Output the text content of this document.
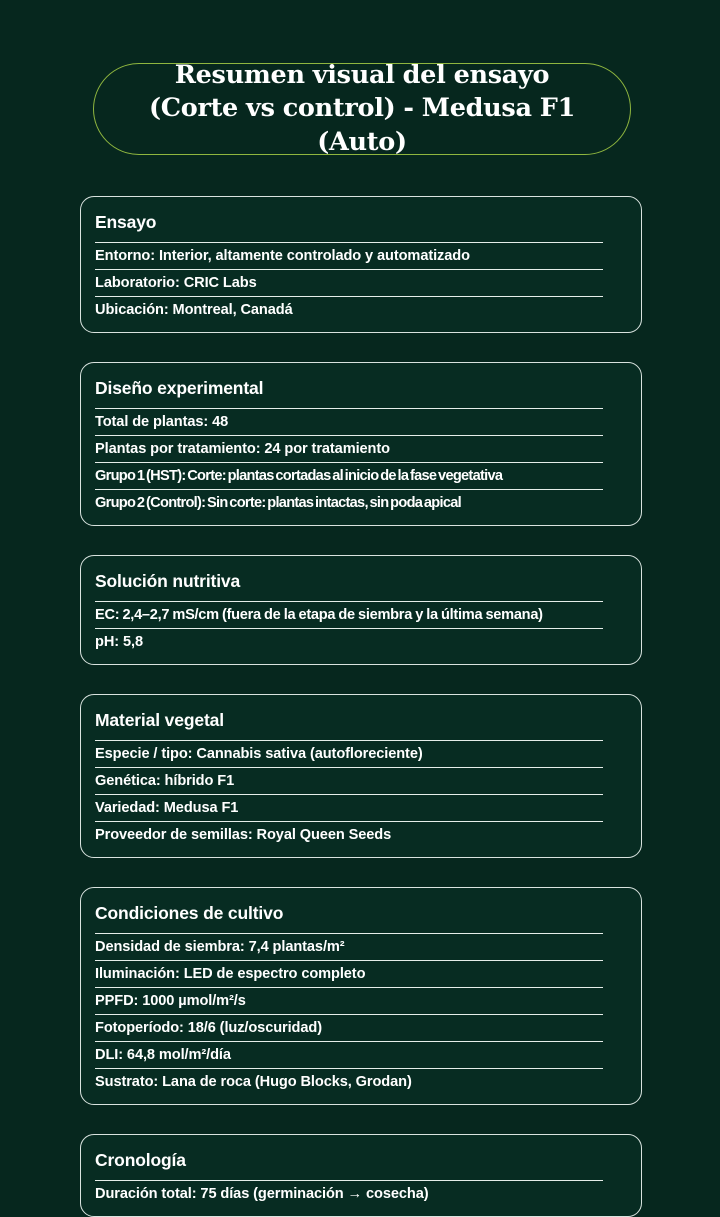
Resumen visual del ensayo (Corte vs control) - Medusa F1 (Auto)
Ensayo
Entorno: Interior, altamente controlado y automatizado
Laboratorio: CRIC Labs
Ubicación: Montreal, Canadá
Diseño experimental
Total de plantas: 48
Plantas por tratamiento: 24 por tratamiento
Grupo 1 (HST): Corte: plantas cortadas al inicio de la fase vegetativa
Grupo 2 (Control): Sin corte: plantas intactas, sin poda apical
Solución nutritiva
EC: 2,4–2,7 mS/cm (fuera de la etapa de siembra y la última semana)
pH: 5,8
Material vegetal
Especie / tipo: Cannabis sativa (autofloreciente)
Genética: híbrido F1
Variedad: Medusa F1
Proveedor de semillas: Royal Queen Seeds
Condiciones de cultivo
Densidad de siembra: 7,4 plantas/m²
Iluminación: LED de espectro completo
PPFD: 1000 µmol/m²/s
Fotoperíodo: 18/6 (luz/oscuridad)
DLI: 64,8 mol/m²/día
Sustrato: Lana de roca (Hugo Blocks, Grodan)
Cronología
Duración total: 75 días (germinación → cosecha)
